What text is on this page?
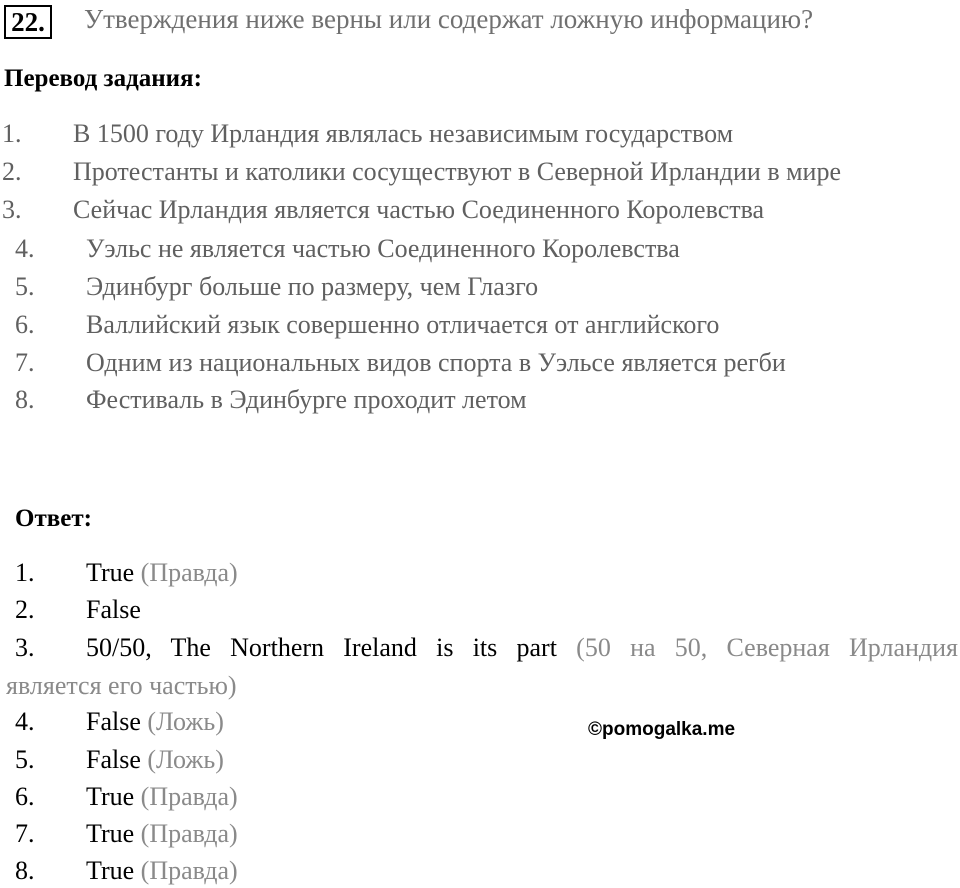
22. Утверждения ниже верны или содержат ложную информацию?
Перевод задания:
1. В 1500 году Ирландия являлась независимым государством
2. Протестанты и католики сосуществуют в Северной Ирландии в мире
3. Сейчас Ирландия является частью Соединенного Королевства
4. Уэльс не является частью Соединенного Королевства
5. Эдинбург больше по размеру, чем Глазго
6. Валлийский язык совершенно отличается от английского
7. Одним из национальных видов спорта в Уэльсе является регби
8. Фестиваль в Эдинбурге проходит летом
Ответ:
1. True (Правда)
2. False
3. 50/50, The Northern Ireland is its part (50 на 50, Северная Ирландия
является его частью)
4. False (Ложь)
5. False (Ложь)
6. True (Правда)
7. True (Правда)
8. True (Правда)
©pomogalka.me
